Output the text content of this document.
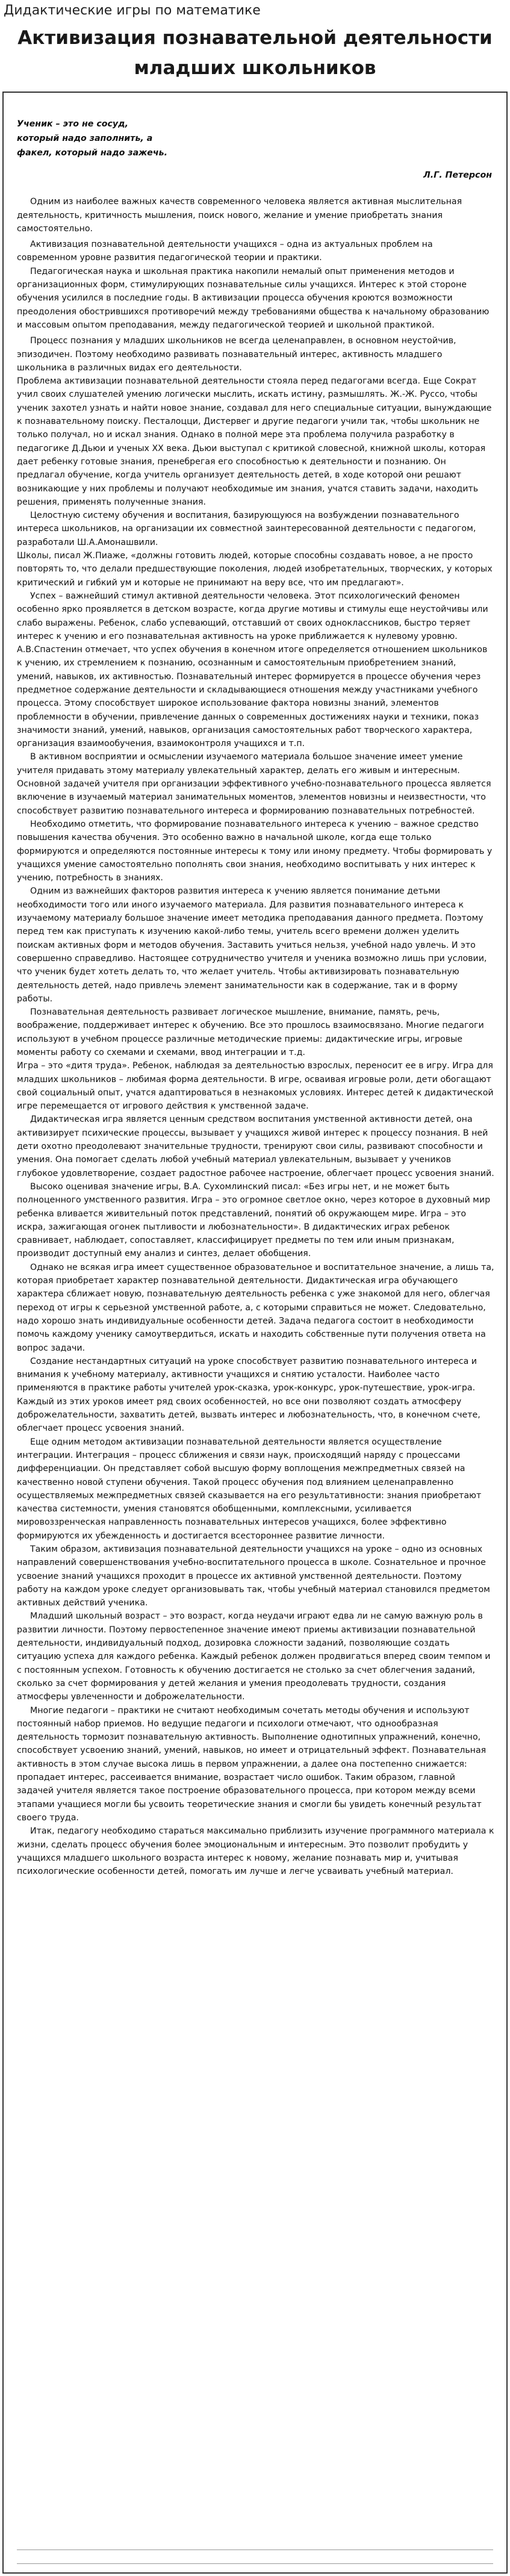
Дидактические игры по математике
Активизация познавательной деятельности младших школьников
Ученик – это не сосуд,
который надо заполнить, а
факел, который надо зажечь.
Л.Г. Петерсон

Одним из наиболее важных качеств современного человека является активная мыслительная деятельность, критичность мышления, поиск нового, желание и умение приобретать знания самостоятельно.

Активизация познавательной деятельности учащихся – одна из актуальных проблем на современном уровне развития педагогической теории и практики.

Педагогическая наука и школьная практика накопили немалый опыт применения методов и организационных форм, стимулирующих познавательные силы учащихся. Интерес к этой стороне обучения усилился в последние годы. В активизации процесса обучения кроются возможности преодоления обострившихся противоречий между требованиями общества к начальному образованию и массовым опытом преподавания, между педагогической теорией и школьной практикой.

Процесс познания у младших школьников не всегда целенаправлен, в основном неустойчив, эпизодичен. Поэтому необходимо развивать познавательный интерес, активность младшего школьника в различных видах его деятельности.

Проблема активизации познавательной деятельности стояла перед педагогами всегда. Еще Сократ учил своих слушателей умению логически мыслить, искать истину, размышлять. Ж.-Ж. Руссо, чтобы ученик захотел узнать и найти новое знание, создавал для него специальные ситуации, вынуждающие к познавательному поиску. Песталоцци, Дистервег и другие педагоги учили так, чтобы школьник не только получал, но и искал знания. Однако в полной мере эта проблема получила разработку в педагогике Д.Дьюи и ученых XX века. Дьюи выступал с критикой словесной, книжной школы, которая дает ребенку готовые знания, пренебрегая его способностью к деятельности и познанию. Он предлагал обучение, когда учитель организует деятельность детей, в ходе которой они решают возникающие у них проблемы и получают необходимые им знания, учатся ставить задачи, находить решения, применять полученные знания.

Целостную систему обучения и воспитания, базирующуюся на возбуждении познавательного интереса школьников, на организации их совместной заинтересованной деятельности с педагогом, разработали Ш.А.Амонашвили.

Школы, писал Ж.Пиаже, «должны готовить людей, которые способны создавать новое, а не просто повторять то, что делали предшествующие поколения, людей изобретательных, творческих, у которых критический и гибкий ум и которые не принимают на веру все, что им предлагают».

Успех – важнейший стимул активной деятельности человека. Этот психологический феномен особенно ярко проявляется в детском возрасте, когда другие мотивы и стимулы еще неустойчивы или слабо выражены. Ребенок, слабо успевающий, отставший от своих одноклассников, быстро теряет интерес к учению и его познавательная активность на уроке приближается к нулевому уровню. А.В.Спастенин отмечает, что успех обучения в конечном итоге определяется отношением школьников к учению, их стремлением к познанию, осознанным и самостоятельным приобретением знаний, умений, навыков, их активностью. Познавательный интерес формируется в процессе обучения через предметное содержание деятельности и складывающиеся отношения между участниками учебного процесса. Этому способствует широкое использование фактора новизны знаний, элементов проблемности в обучении, привлечение данных о современных достижениях науки и техники, показ значимости знаний, умений, навыков, организация самостоятельных работ творческого характера, организация взаимообучения, взаимоконтроля учащихся и т.п.

В активном восприятии и осмыслении изучаемого материала большое значение имеет умение учителя придавать этому материалу увлекательный характер, делать его живым и интересным. Основной задачей учителя при организации эффективного учебно-познавательного процесса является включение в изучаемый материал занимательных моментов, элементов новизны и неизвестности, что способствует развитию познавательного интереса и формированию познавательных потребностей.

Необходимо отметить, что формирование познавательного интереса к учению – важное средство повышения качества обучения. Это особенно важно в начальной школе, когда еще только формируются и определяются постоянные интересы к тому или иному предмету. Чтобы формировать у учащихся умение самостоятельно пополнять свои знания, необходимо воспитывать у них интерес к учению, потребность в знаниях.

Одним из важнейших факторов развития интереса к учению является понимание детьми необходимости того или иного изучаемого материала. Для развития познавательного интереса к изучаемому материалу большое значение имеет методика преподавания данного предмета. Поэтому перед тем как приступать к изучению какой-либо темы, учитель всего времени должен уделить поискам активных форм и методов обучения. Заставить учиться нельзя, учебной надо увлечь. И это совершенно справедливо. Настоящее сотрудничество учителя и ученика возможно лишь при условии, что ученик будет хотеть делать то, что желает учитель. Чтобы активизировать познавательную деятельность детей, надо привлечь элемент занимательности как в содержание, так и в форму работы.

Познавательная деятельность развивает логическое мышление, внимание, память, речь, воображение, поддерживает интерес к обучению. Все это прошлось взаимосвязано. Многие педагоги используют в учебном процессе различные методические приемы: дидактические игры, игровые моменты работу со схемами и схемами, ввод интеграции и т.д.

Игра – это «дитя труда». Ребенок, наблюдая за деятельностью взрослых, переносит ее в игру. Игра для младших школьников – любимая форма деятельности. В игре, осваивая игровые роли, дети обогащают свой социальный опыт, учатся адаптироваться в незнакомых условиях. Интерес детей к дидактической игре перемещается от игрового действия к умственной задаче.

Дидактическая игра является ценным средством воспитания умственной активности детей, она активизирует психические процессы, вызывает у учащихся живой интерес к процессу познания. В ней дети охотно преодолевают значительные трудности, тренируют свои силы, развивают способности и умения. Она помогает сделать любой учебный материал увлекательным, вызывает у учеников глубокое удовлетворение, создает радостное рабочее настроение, облегчает процесс усвоения знаний.

Высоко оценивая значение игры, В.А. Сухомлинский писал: «Без игры нет, и не может быть полноценного умственного развития. Игра – это огромное светлое окно, через которое в духовный мир ребенка вливается живительный поток представлений, понятий об окружающем мире. Игра – это искра, зажигающая огонек пытливости и любознательности». В дидактических играх ребенок сравнивает, наблюдает, сопоставляет, классифицирует предметы по тем или иным признакам, производит доступный ему анализ и синтез, делает обобщения.

Однако не всякая игра имеет существенное образовательное и воспитательное значение, а лишь та, которая приобретает характер познавательной деятельности. Дидактическая игра обучающего характера сближает новую, познавательную деятельность ребенка с уже знакомой для него, облегчая переход от игры к серьезной умственной работе, а, с которыми справиться не может. Следовательно, надо хорошо знать индивидуальные особенности детей. Задача педагога состоит в необходимости помочь каждому ученику самоутвердиться, искать и находить собственные пути получения ответа на вопрос задачи.

Создание нестандартных ситуаций на уроке способствует развитию познавательного интереса и внимания к учебному материалу, активности учащихся и снятию усталости. Наиболее часто применяются в практике работы учителей урок-сказка, урок-конкурс, урок-путешествие, урок-игра. Каждый из этих уроков имеет ряд своих особенностей, но все они позволяют создать атмосферу доброжелательности, захватить детей, вызвать интерес и любознательность, что, в конечном счете, облегчает процесс усвоения знаний.

Еще одним методом активизации познавательной деятельности является осуществление интеграции. Интеграция – процесс сближения и связи наук, происходящий наряду с процессами дифференциации. Он представляет собой высшую форму воплощения межпредметных связей на качественно новой ступени обучения. Такой процесс обучения под влиянием целенаправленно осуществляемых межпредметных связей сказывается на его результативности: знания приобретают качества системности, умения становятся обобщенными, комплексными, усиливается мировоззренческая направленность познавательных интересов учащихся, более эффективно формируются их убежденность и достигается всестороннее развитие личности.

Таким образом, активизация познавательной деятельности учащихся на уроке – одно из основных направлений совершенствования учебно-воспитательного процесса в школе. Сознательное и прочное усвоение знаний учащихся проходит в процессе их активной умственной деятельности. Поэтому работу на каждом уроке следует организовывать так, чтобы учебный материал становился предметом активных действий ученика.

Младший школьный возраст – это возраст, когда неудачи играют едва ли не самую важную роль в развитии личности. Поэтому первостепенное значение имеют приемы активизации познавательной деятельности, индивидуальный подход, дозировка сложности заданий, позволяющие создать ситуацию успеха для каждого ребенка. Каждый ребенок должен продвигаться вперед своим темпом и с постоянным успехом. Готовность к обучению достигается не столько за счет облегчения заданий, сколько за счет формирования у детей желания и умения преодолевать трудности, создания атмосферы увлеченности и доброжелательности.

Многие педагоги – практики не считают необходимым сочетать методы обучения и используют постоянный набор приемов. Но ведущие педагоги и психологи отмечают, что однообразная деятельность тормозит познавательную активность. Выполнение однотипных упражнений, конечно, способствует усвоению знаний, умений, навыков, но имеет и отрицательный эффект. Познавательная активность в этом случае высока лишь в первом упражнении, а далее она постепенно снижается: пропадает интерес, рассеивается внимание, возрастает число ошибок. Таким образом, главной задачей учителя является такое построение образовательного процесса, при котором между всеми этапами учащиеся могли бы усвоить теоретические знания и смогли бы увидеть конечный результат своего труда.

Итак, педагогу необходимо стараться максимально приблизить изучение программного материала к жизни, сделать процесс обучения более эмоциональным и интересным. Это позволит пробудить у учащихся младшего школьного возраста интерес к новому, желание познавать мир и, учитывая психологические особенности детей, помогать им лучше и легче усваивать учебный материал.
